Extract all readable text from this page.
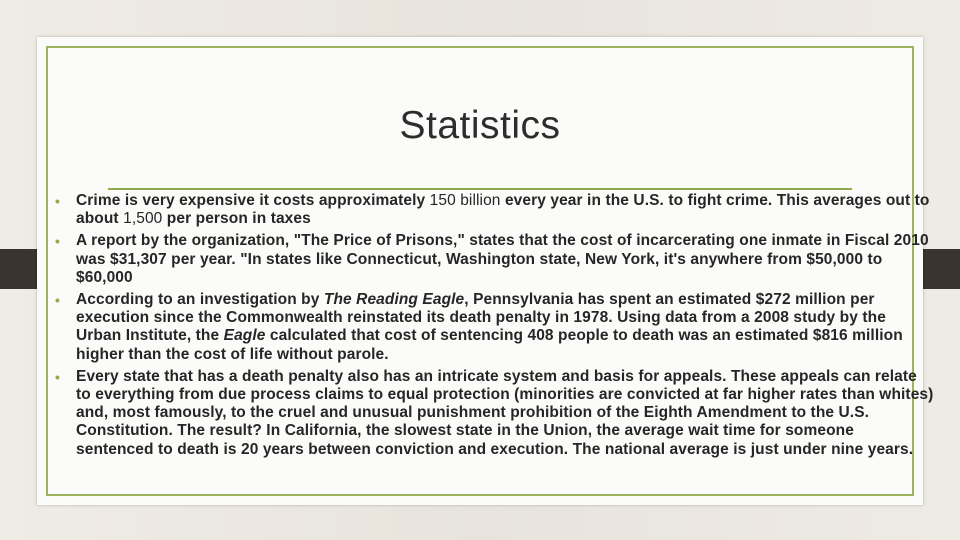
Statistics
• Crime is very expensive it costs approximately 150 billion every year in the U.S. to fight crime. This averages out to about 1,500 per person in taxes
• A report by the organization, "The Price of Prisons," states that the cost of incarcerating one inmate in Fiscal 2010 was $31,307 per year. "In states like Connecticut, Washington state, New York, it's anywhere from $50,000 to $60,000
• According to an investigation by The Reading Eagle, Pennsylvania has spent an estimated $272 million per execution since the Commonwealth reinstated its death penalty in 1978. Using data from a 2008 study by the Urban Institute, the Eagle calculated that cost of sentencing 408 people to death was an estimated $816 million higher than the cost of life without parole.
• Every state that has a death penalty also has an intricate system and basis for appeals. These appeals can relate to everything from due process claims to equal protection (minorities are convicted at far higher rates than whites) and, most famously, to the cruel and unusual punishment prohibition of the Eighth Amendment to the U.S. Constitution. The result? In California, the slowest state in the Union, the average wait time for someone sentenced to death is 20 years between conviction and execution. The national average is just under nine years.
